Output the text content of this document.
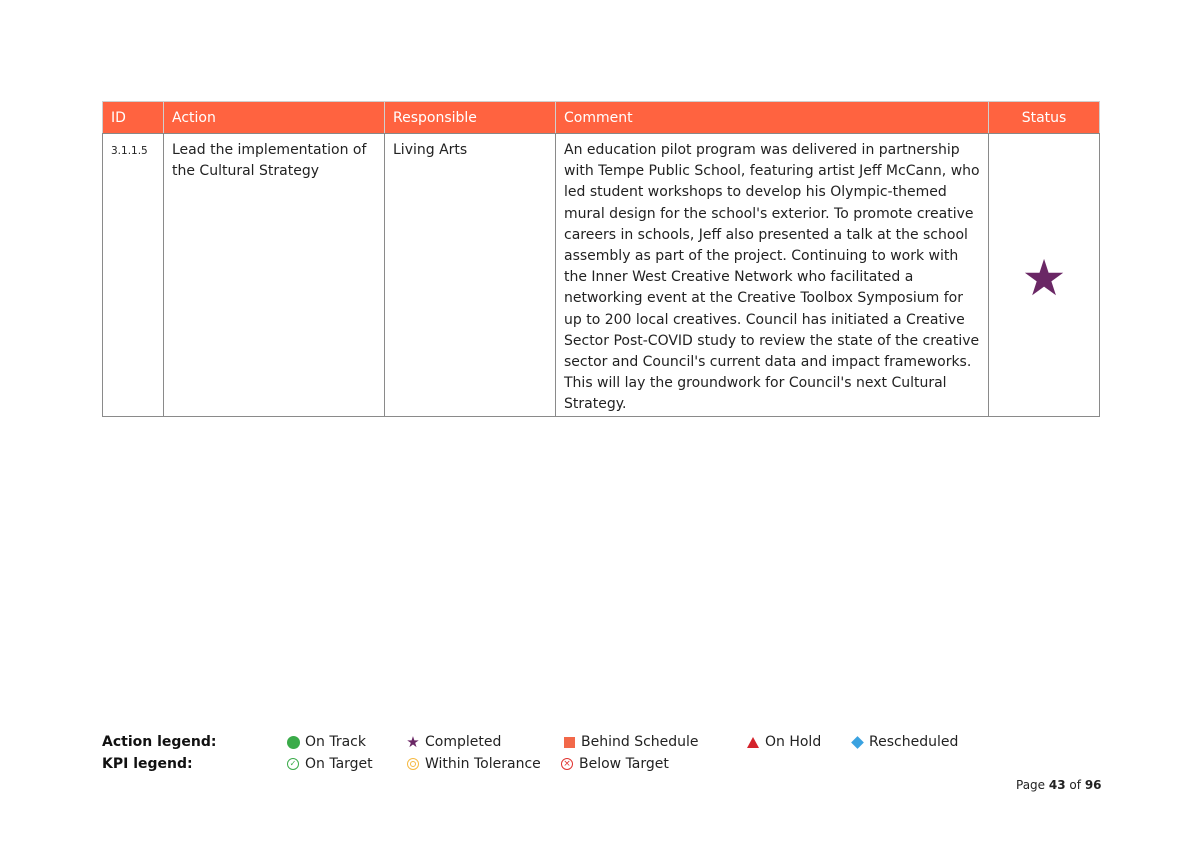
ID	Action	Responsible	Comment	Status
3.1.1.5	Lead the implementation of the Cultural Strategy	Living Arts	An education pilot program was delivered in partnership with Tempe Public School, featuring artist Jeff McCann, who led student workshops to develop his Olympic-themed mural design for the school's exterior. To promote creative careers in schools, Jeff also presented a talk at the school assembly as part of the project. Continuing to work with the Inner West Creative Network who facilitated a networking event at the Creative Toolbox Symposium for up to 200 local creatives. Council has initiated a Creative Sector Post-COVID study to review the state of the creative sector and Council's current data and impact frameworks. This will lay the groundwork for Council's next Cultural Strategy.	★
Action legend:	On Track	★ Completed	Behind Schedule	On Hold	Rescheduled
KPI legend:	✓ On Target	Within Tolerance × Below Target
Page 43 of 96
